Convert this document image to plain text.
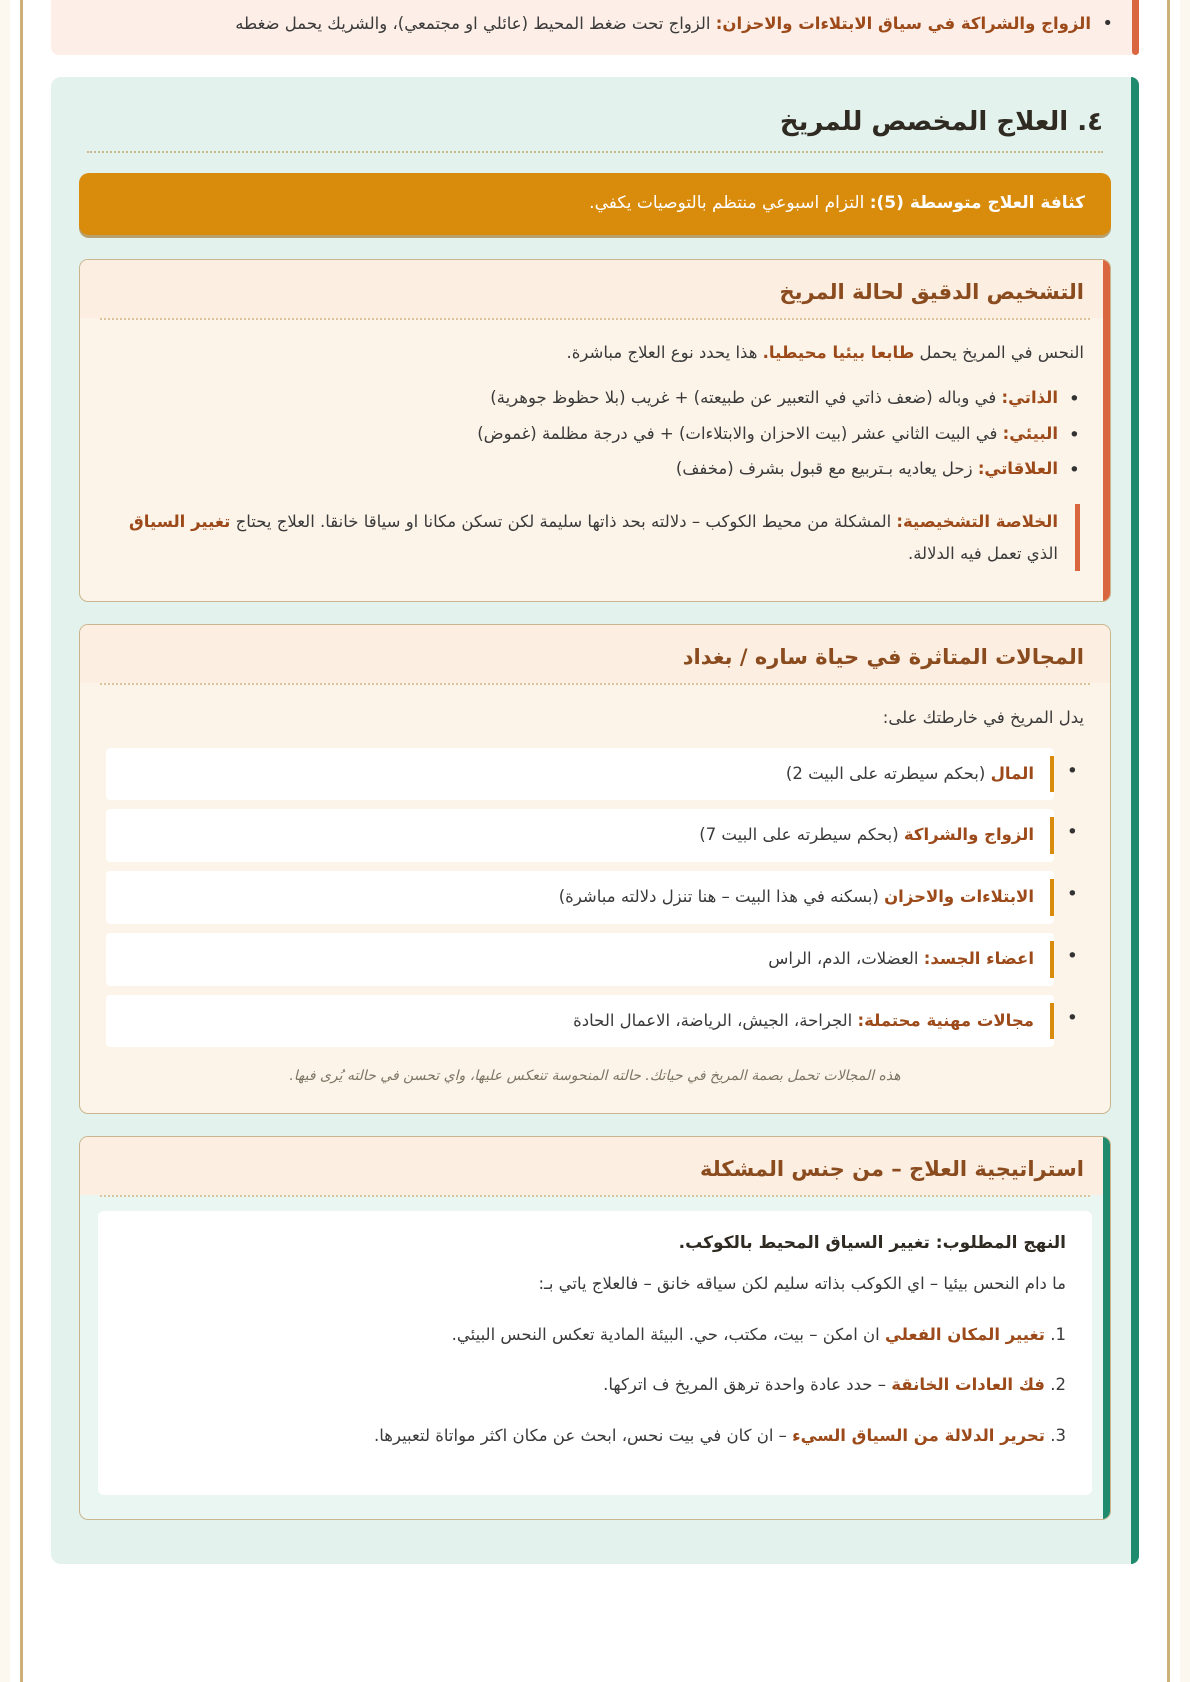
• الزواج والشراكة في سياق الابتلاءات والاحزان: الزواج تحت ضغط المحيط (عائلي او مجتمعي)، والشريك يحمل ضغطه
٤. العلاج المخصص للمريخ
كثافة العلاج متوسطة (5): التزام اسبوعي منتظم بالتوصيات يكفي.
التشخيص الدقيق لحالة المريخ

النحس في المريخ يحمل طابعا بيئيا محيطيا. هذا يحدد نوع العلاج مباشرة.

• الذاتي: في وباله (ضعف ذاتي في التعبير عن طبيعته) + غريب (بلا حظوظ جوهرية)
• البيئي: في البيت الثاني عشر (بيت الاحزان والابتلاءات) + في درجة مظلمة (غموض)
• العلاقاتي: زحل يعاديه بـتربيع مع قبول بشرف (مخفف)
الخلاصة التشخيصية: المشكلة من محيط الكوكب – دلالته بحد ذاتها سليمة لكن تسكن مكانا او سياقا خانقا. العلاج يحتاج تغيير السياق الذي تعمل فيه الدلالة.
المجالات المتاثرة في حياة ساره / بغداد

يدل المريخ في خارطتك على:

• المال (بحكم سيطرته على البيت 2)
• الزواج والشراكة (بحكم سيطرته على البيت 7)
• الابتلاءات والاحزان (بسكنه في هذا البيت – هنا تنزل دلالته مباشرة)
• اعضاء الجسد: العضلات، الدم، الراس
• مجالات مهنية محتملة: الجراحة، الجيش، الرياضة، الاعمال الحادة
هذه المجالات تحمل بصمة المريخ في حياتك. حالته المنحوسة تنعكس عليها، واي تحسن في حالته يُرى فيها.
استراتيجية العلاج – من جنس المشكلة

النهج المطلوب: تغيير السياق المحيط بالكوكب.

ما دام النحس بيئيا – اي الكوكب بذاته سليم لكن سياقه خانق – فالعلاج ياتي بـ:

تغيير المكان الفعلي ان امكن – بيت، مكتب، حي. البيئة المادية تعكس النحس البيئي.
فك العادات الخانقة – حدد عادة واحدة ترهق المريخ ف اتركها.
تحرير الدلالة من السياق السيء – ان كان في بيت نحس، ابحث عن مكان اكثر مواتاة لتعبيرها.
